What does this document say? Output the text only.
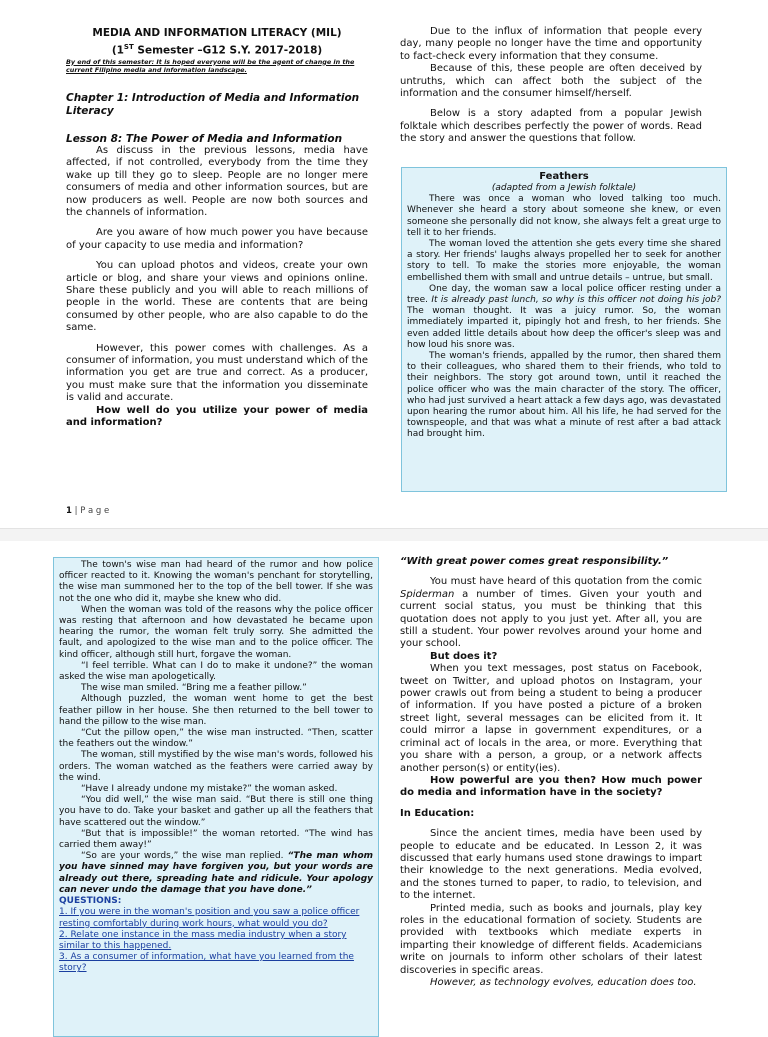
MEDIA AND INFORMATION LITERACY (MIL)

(1ST Semester –G12 S.Y. 2017-2018)

By end of this semester: It is hoped everyone will be the agent of change in the current Filipino media and information landscape.

Chapter 1: Introduction of Media and Information Literacy

Lesson 8: The Power of Media and Information

As discuss in the previous lessons, media have affected, if not controlled, everybody from the time they wake up till they go to sleep. People are no longer mere consumers of media and other information sources, but are now producers as well. People are now both sources and the channels of information.

Are you aware of how much power you have because of your capacity to use media and information?

You can upload photos and videos, create your own article or blog, and share your views and opinions online. Share these publicly and you will able to reach millions of people in the world. These are contents that are being consumed by other people, who are also capable to do the same.

However, this power comes with challenges. As a consumer of information, you must understand which of the information you get are true and correct. As a producer, you must make sure that the information you disseminate is valid and accurate.

How well do you utilize your power of media and information?

Due to the influx of information that people every day, many people no longer have the time and opportunity to fact-check every information that they consume.

Because of this, these people are often deceived by untruths, which can affect both the subject of the information and the consumer himself/herself.

Below is a story adapted from a popular Jewish folktale which describes perfectly the power of words. Read the story and answer the questions that follow.

Feathers

(adapted from a Jewish folktale)

There was once a woman who loved talking too much. Whenever she heard a story about someone she knew, or even someone she personally did not know, she always felt a great urge to tell it to her friends.

The woman loved the attention she gets every time she shared a story. Her friends' laughs always propelled her to seek for another story to tell. To make the stories more enjoyable, the woman embellished them with small and untrue details – untrue, but small.

One day, the woman saw a local police officer resting under a tree. It is already past lunch, so why is this officer not doing his job? The woman thought. It was a juicy rumor. So, the woman immediately imparted it, pipingly hot and fresh, to her friends. She even added little details about how deep the officer's sleep was and how loud his snore was.

The woman's friends, appalled by the rumor, then shared them to their colleagues, who shared them to their friends, who told to their neighbors. The story got around town, until it reached the police officer who was the main character of the story. The officer, who had just survived a heart attack a few days ago, was devastated upon hearing the rumor about him. All his life, he had served for the townspeople, and that was what a minute of rest after a bad attack had brought him.

1 | P a g e

The town's wise man had heard of the rumor and how police officer reacted to it. Knowing the woman's penchant for storytelling, the wise man summoned her to the top of the bell tower. If she was not the one who did it, maybe she knew who did.

When the woman was told of the reasons why the police officer was resting that afternoon and how devastated he became upon hearing the rumor, the woman felt truly sorry. She admitted the fault, and apologized to the wise man and to the police officer. The kind officer, although still hurt, forgave the woman.

“I feel terrible. What can I do to make it undone?” the woman asked the wise man apologetically.

The wise man smiled. “Bring me a feather pillow.”

Although puzzled, the woman went home to get the best feather pillow in her house. She then returned to the bell tower to hand the pillow to the wise man.

“Cut the pillow open,” the wise man instructed. “Then, scatter the feathers out the window.”

The woman, still mystified by the wise man's words, followed his orders. The woman watched as the feathers were carried away by the wind.

“Have I already undone my mistake?” the woman asked.

“You did well,” the wise man said. “But there is still one thing you have to do. Take your basket and gather up all the feathers that have scattered out the window.”

“But that is impossible!” the woman retorted. “The wind has carried them away!”

“So are your words,” the wise man replied. “The man whom you have sinned may have forgiven you, but your words are already out there, spreading hate and ridicule. Your apology can never undo the damage that you have done.”

QUESTIONS:

1. If you were in the woman's position and you saw a police officer resting comfortably during work hours, what would you do?

2. Relate one instance in the mass media industry when a story similar to this happened.

3. As a consumer of information, what have you learned from the story?

“With great power comes great responsibility.”

You must have heard of this quotation from the comic Spiderman a number of times. Given your youth and current social status, you must be thinking that this quotation does not apply to you just yet. After all, you are still a student. Your power revolves around your home and your school.

But does it?

When you text messages, post status on Facebook, tweet on Twitter, and upload photos on Instagram, your power crawls out from being a student to being a producer of information. If you have posted a picture of a broken street light, several messages can be elicited from it. It could mirror a lapse in government expenditures, or a criminal act of locals in the area, or more. Everything that you share with a person, a group, or a network affects another person(s) or entity(ies).

How powerful are you then? How much power do media and information have in the society?

In Education:

Since the ancient times, media have been used by people to educate and be educated. In Lesson 2, it was discussed that early humans used stone drawings to impart their knowledge to the next generations. Media evolved, and the stones turned to paper, to radio, to television, and to the internet.

Printed media, such as books and journals, play key roles in the educational formation of society. Students are provided with textbooks which mediate experts in imparting their knowledge of different fields. Academicians write on journals to inform other scholars of their latest discoveries in specific areas.

However, as technology evolves, education does too.
